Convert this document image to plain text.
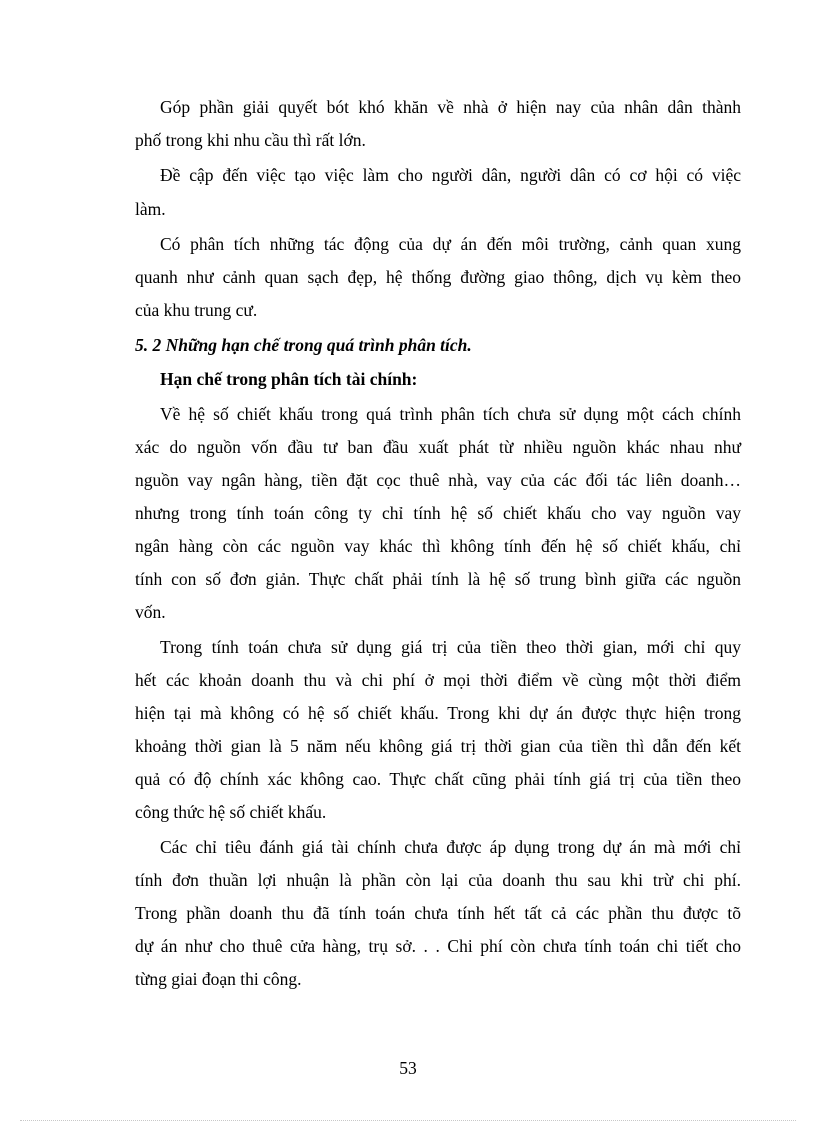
Góp phần giải quyết bót khó khăn về nhà ở hiện nay của nhân dân thành
phố trong khi nhu cầu thì rất lớn.
Đề cập đến việc tạo việc làm cho người dân, người dân có cơ hội có việc
làm.
Có phân tích những tác động của dự án đến môi trường, cảnh quan xung
quanh như cảnh quan sạch đẹp, hệ thống đường giao thông, dịch vụ kèm theo
của khu trung cư.
5. 2 Những hạn chế trong quá trình phân tích.
Hạn chế trong phân tích tài chính:
Về hệ số chiết khấu trong quá trình phân tích chưa sử dụng một cách chính
xác do nguồn vốn đầu tư ban đầu xuất phát từ nhiều nguồn khác nhau như
nguồn vay ngân hàng, tiền đặt cọc thuê nhà, vay của các đối tác liên doanh…
nhưng trong tính toán công ty chỉ tính hệ số chiết khấu cho vay nguồn vay
ngân hàng còn các nguồn vay khác thì không tính đến hệ số chiết khấu, chỉ
tính con số đơn giản. Thực chất phải tính là hệ số trung bình giữa các nguồn
vốn.
Trong tính toán chưa sử dụng giá trị của tiền theo thời gian, mới chỉ quy
hết các khoản doanh thu và chi phí ở mọi thời điểm về cùng một thời điểm
hiện tại mà không có hệ số chiết khấu. Trong khi dự án được thực hiện trong
khoảng thời gian là 5 năm nếu không giá trị thời gian của tiền thì dẫn đến kết
quả có độ chính xác không cao. Thực chất cũng phải tính giá trị của tiền theo
công thức hệ số chiết khấu.
Các chỉ tiêu đánh giá tài chính chưa được áp dụng trong dự án mà mới chỉ
tính đơn thuần lợi nhuận là phần còn lại của doanh thu sau khi trừ chi phí.
Trong phần doanh thu đã tính toán chưa tính hết tất cả các phần thu được tõ
dự án như cho thuê cửa hàng, trụ sở. . . Chi phí còn chưa tính toán chi tiết cho
từng giai đoạn thi công.
53
